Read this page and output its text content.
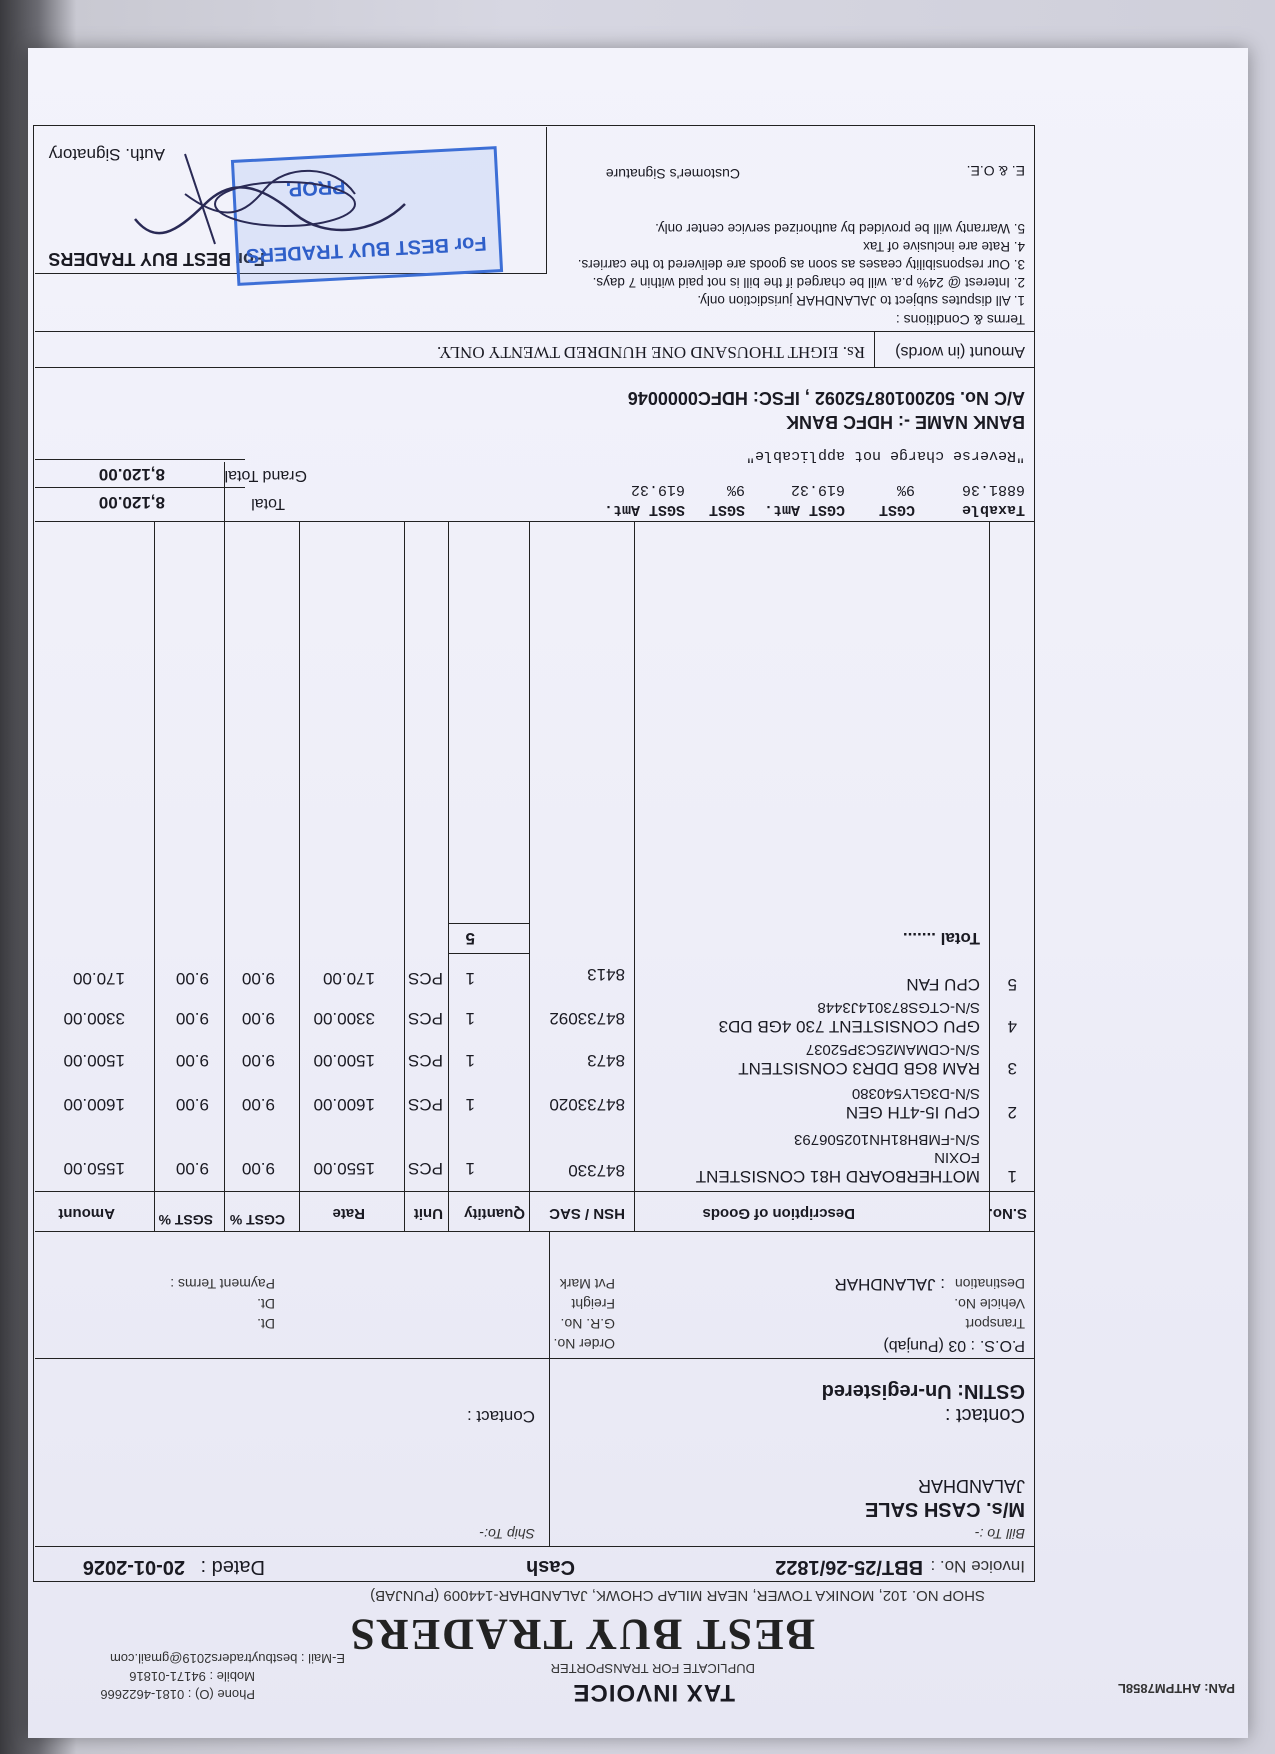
PAN: AHTPM7858L
TAX INVOICE
DUPLICATE FOR TRANSPORTER
Phone (O) : 0181-4622666
Mobile : 94171-01816
E-Mail : bestbuytraders2019@gmail.com BEST BUY TRADERS
SHOP NO. 102, MONIKA TOWER, NEAR MILAP CHOWK, JALANDHAR-144009 (PUNJAB)
Invoice No. :
BBT/25-26/1822
Cash
Dated :
20-01-2026
Bill To :-
M/s. CASH SALE
JALANDHAR
Ship To:-
Contact :
GSTIN: Un-registered
Contact :
P.O.S.
: 03 (Punjab)
Transport
Vehicle No.
Destination
: JALANDHAR
Order No.
G.R. No.
Freight
Pvt Mark
Dt.
Dt.
Payment Terms :
S.No.
Description of Goods
HSN / SAC
Quantity
Unit
Rate
CGST %
SGST %
Amount
1
MOTHERBOARD H81 CONSISTENT
FOXIN
S/N-FMBH81HN102506793
847330
1
PCS
1550.00
9.00
9.00
1550.00
2
CPU I5-4TH GEN
S/N-D3GLY540380
84733020
1
PCS
1600.00
9.00
9.00
1600.00
3
RAM 8GB DDR3 CONSISTENT
S/N-CDMAM25C3P52037
8473
1
PCS
1500.00
9.00
9.00
1500.00
4
GPU CONSISTENT 730 4GB DD3
S/N-CTGS873014J3448
84733092
1
PCS
3300.00
9.00
9.00
3300.00
5
CPU FAN
8413
1
PCS
170.00
9.00
9.00
170.00
Total .......
5
Taxable
6881.36
CGST
9%
CGST Amt.
619.32
SGST
9%
SGST Amt.
619.32
"Reverse charge not applicable"
Total
8,120.00
Grand Total
8,120.00
BANK NAME -: HDFC BANK
A/C No. 50200108752092 , IFSC: HDFC0000046
Amount (in words)
Rs. EIGHT THOUSAND ONE HUNDRED TWENTY ONLY.
Terms & Conditions :
1. All disputes subject to JALANDHAR jurisdiction only.
2. Interest @ 24% p.a. will be charged if the bill is not paid within 7 days.
3. Our responsibility ceases as soon as goods are delivered to the carriers.
4. Rate are inclusive of Tax
5. Warranty will be provided by authorized service center only.
E. & O.E.
Customer's Signature
For BEST BUY TRADERS
Auth. Signatory
For BEST BUY TRADERS
PROP.
